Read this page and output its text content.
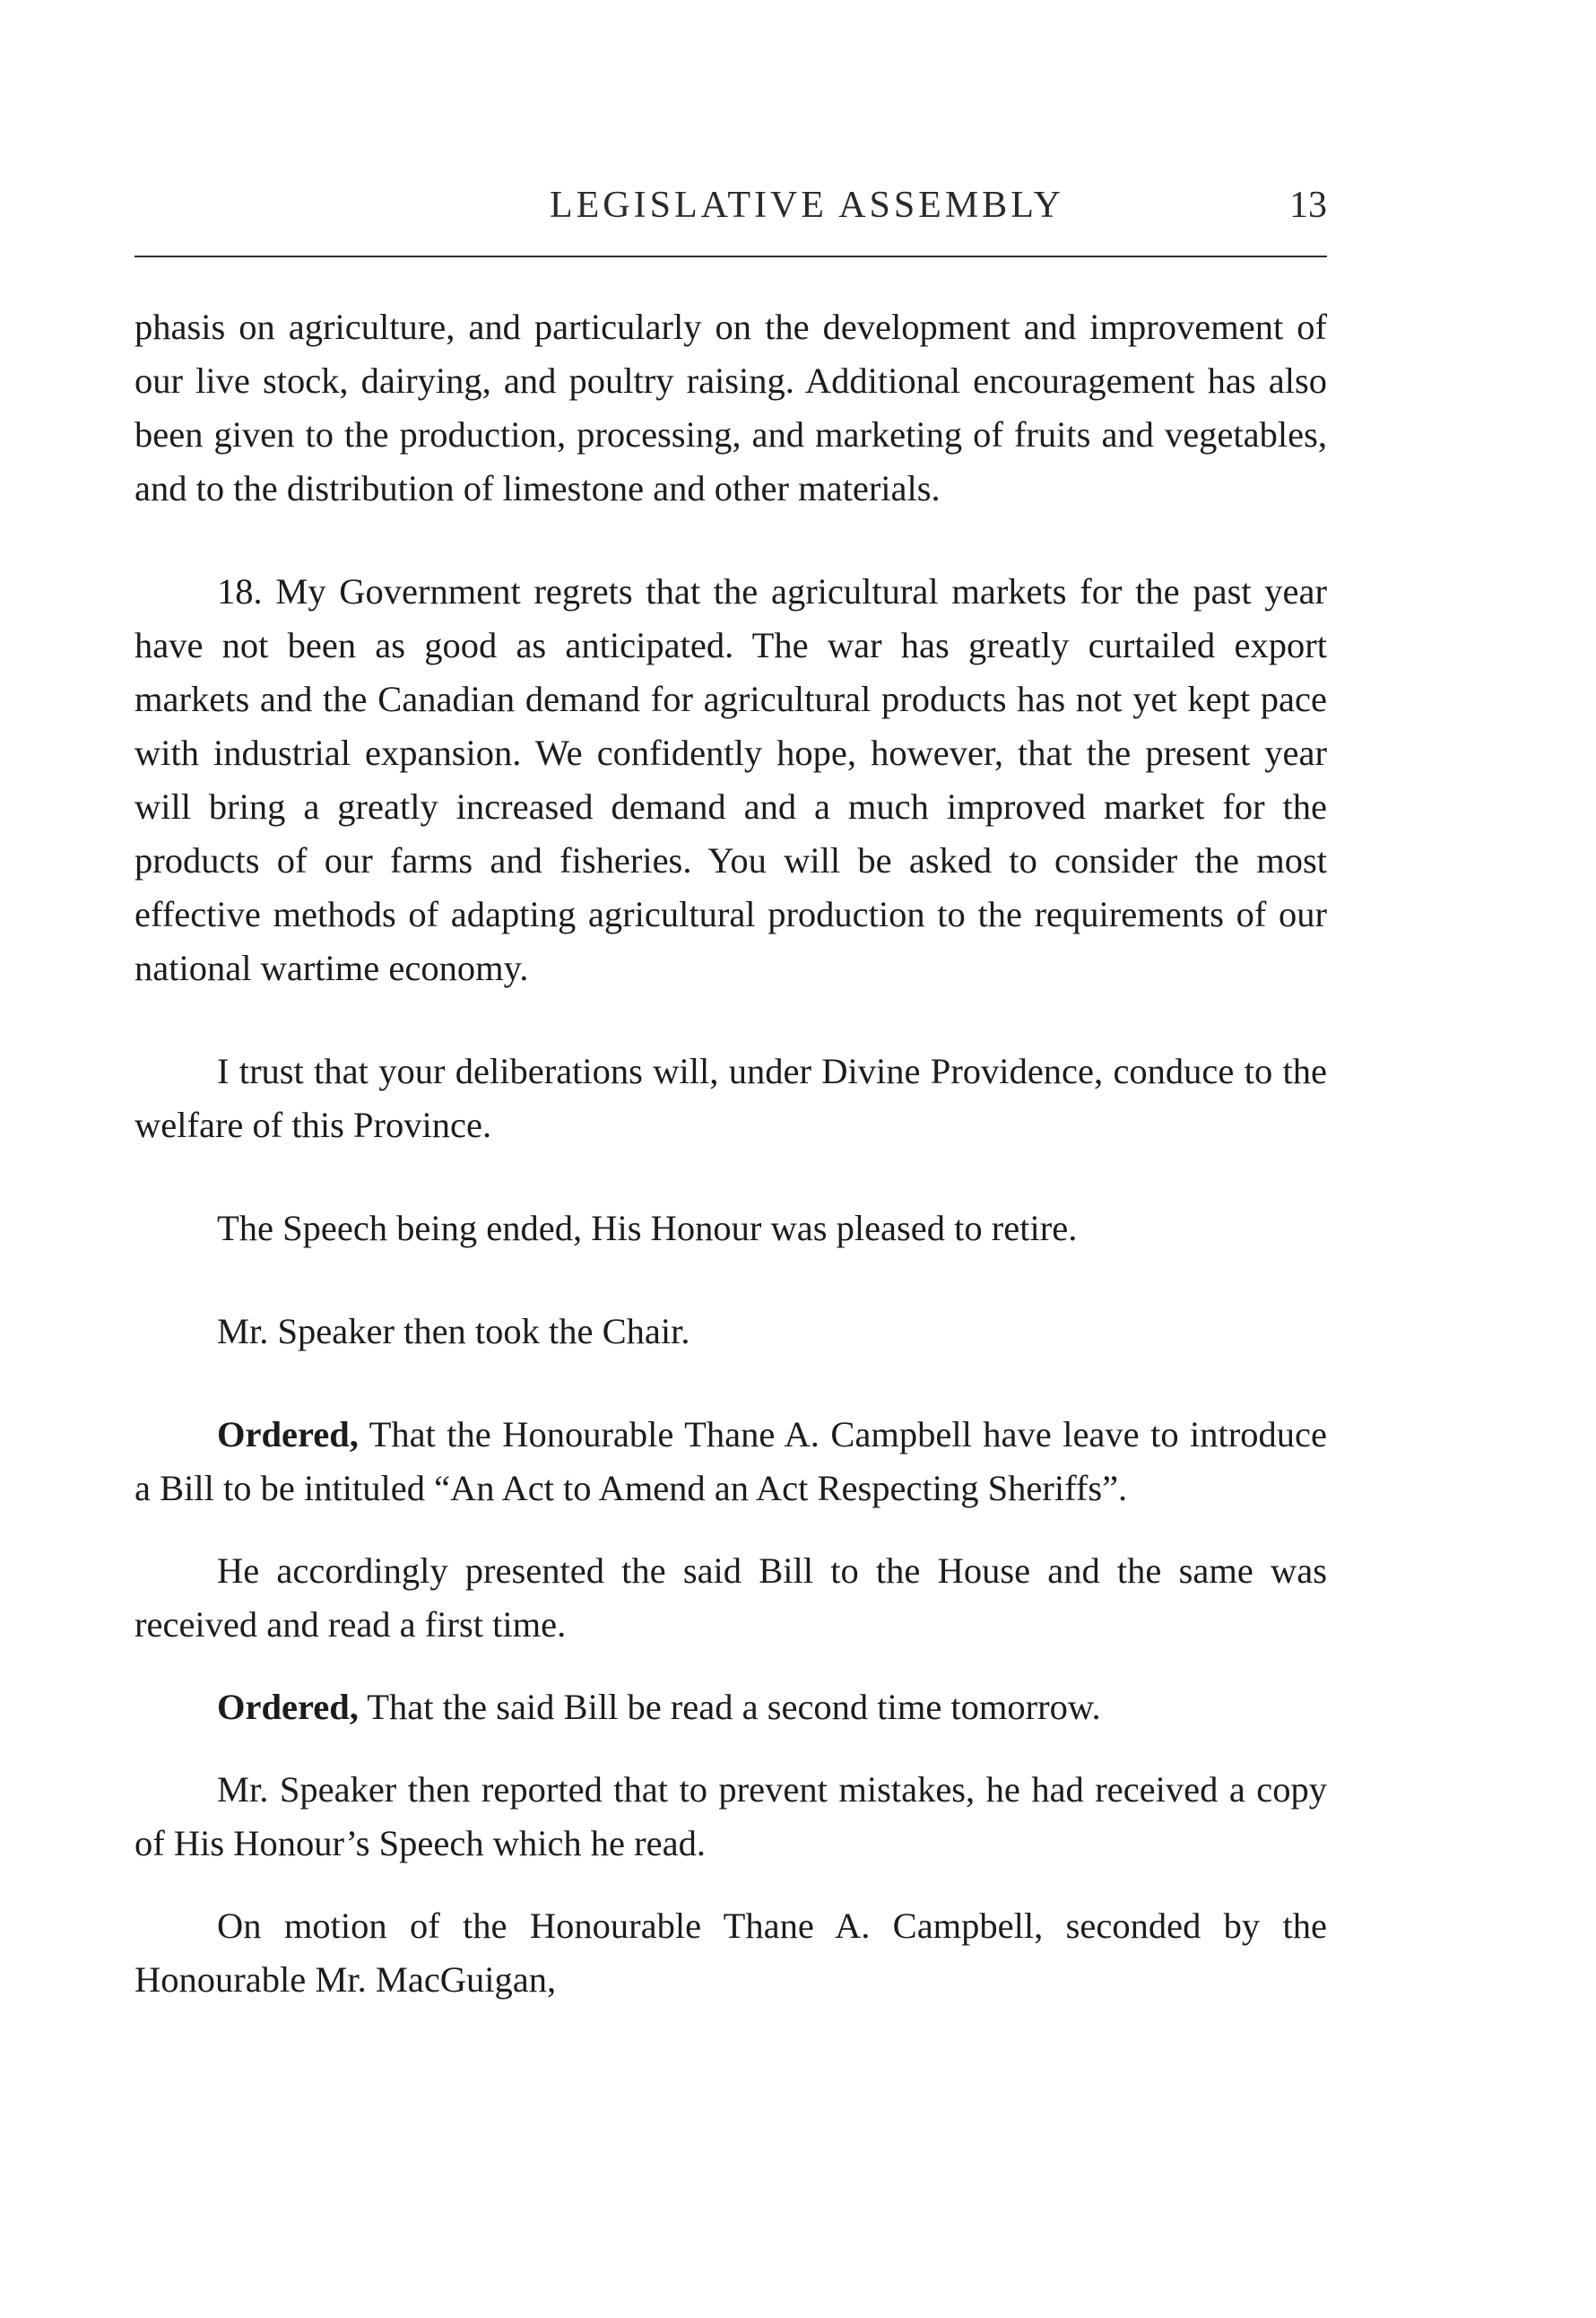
LEGISLATIVE ASSEMBLY	13

phasis on agriculture, and particularly on the development and improvement of our live stock, dairying, and poultry raising. Additional encouragement has also been given to the production, processing, and marketing of fruits and vegetables, and to the distribution of limestone and other materials.

18. My Government regrets that the agricultural markets for the past year have not been as good as anticipated. The war has greatly curtailed export markets and the Canadian demand for agricultural products has not yet kept pace with industrial expansion. We confidently hope, however, that the present year will bring a greatly increased demand and a much improved market for the products of our farms and fisheries. You will be asked to consider the most effective methods of adapting agricultural production to the requirements of our national wartime economy.

I trust that your deliberations will, under Divine Providence, conduce to the welfare of this Province.

The Speech being ended, His Honour was pleased to retire.

Mr. Speaker then took the Chair.

Ordered, That the Honourable Thane A. Campbell have leave to introduce a Bill to be intituled “An Act to Amend an Act Respecting Sheriffs”.

He accordingly presented the said Bill to the House and the same was received and read a first time.

Ordered, That the said Bill be read a second time tomorrow.

Mr. Speaker then reported that to prevent mistakes, he had received a copy of His Honour’s Speech which he read.

On motion of the Honourable Thane A. Campbell, seconded by the Honourable Mr. MacGuigan,
